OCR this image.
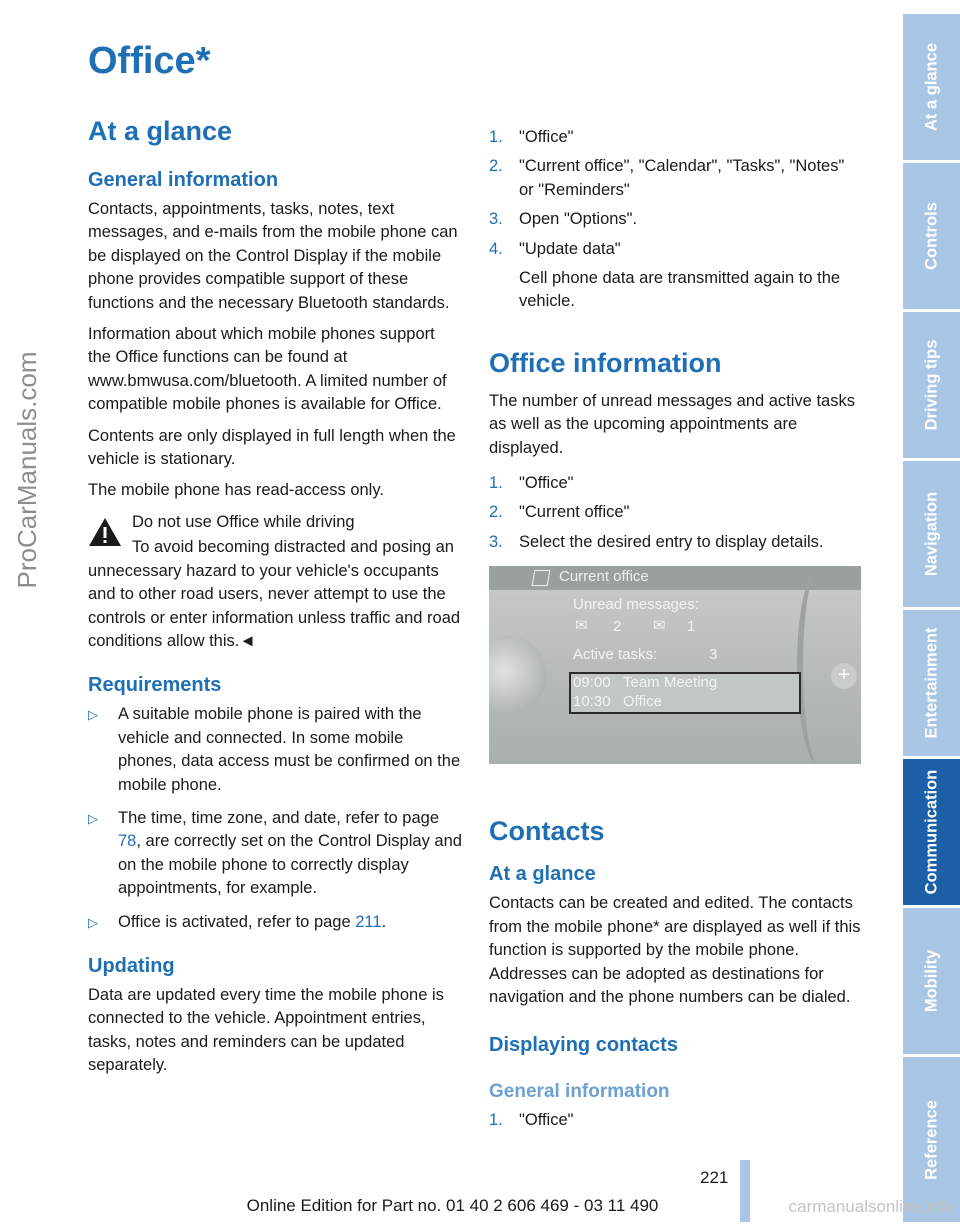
ProCarManuals.com
Office*
At a glance
General information

Contacts, appointments, tasks, notes, text messages, and e-mails from the mobile phone can be displayed on the Control Display if the mobile phone provides compatible support of these functions and the necessary Bluetooth standards.

Information about which mobile phones support the Office functions can be found at www.bmwusa.com/bluetooth. A limited number of compatible mobile phones is available for Office.

Contents are only displayed in full length when the vehicle is stationary.

The mobile phone has read-access only.

Do not use Office while driving

To avoid becoming distracted and posing an unnecessary hazard to your vehicle's occupants and to other road users, never attempt to use the controls or enter information unless traffic and road conditions allow this.◄

Requirements
▷	A suitable mobile phone is paired with the vehicle and connected. In some mobile phones, data access must be confirmed on the mobile phone.
▷	The time, time zone, and date, refer to page 78, are correctly set on the Control Display and on the mobile phone to correctly display appointments, for example.
▷	Office is activated, refer to page 211.
Updating

Data are updated every time the mobile phone is connected to the vehicle. Appointment entries, tasks, notes and reminders can be updated separately.

1. "Office"
2. "Current office", "Calendar", "Tasks", "Notes" or "Reminders"
3. Open "Options".
4. "Update data"
Cell phone data are transmitted again to the vehicle.
Office information

The number of unread messages and active tasks as well as the upcoming appointments are displayed.

1. "Office"
2. "Current office"
3. Select the desired entry to display details.
Current office
Unread messages:
✉ 2 ✉ 1
Active tasks:	3
09:00 Team Meeting
10:30 Office
+
Contacts
At a glance

Contacts can be created and edited. The contacts from the mobile phone* are displayed as well if this function is supported by the mobile phone. Addresses can be adopted as destinations for navigation and the phone numbers can be dialed.

Displaying contacts
General information
1. "Office"
At a glance
Controls
Driving tips
Navigation
Entertainment
Communication
Mobility
Reference
221
Online Edition for Part no. 01 40 2 606 469 - 03 11 490	carmanualsonline.info
